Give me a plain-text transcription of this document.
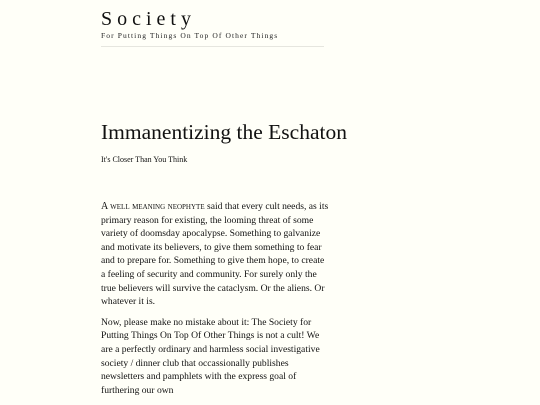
Society
For Putting Things On Top Of Other Things
Immanentizing the Eschaton

It's Closer Than You Think

A well meaning neophyte said that every cult needs, as its primary reason for existing, the looming threat of some variety of doomsday apocalypse. Something to galvanize and motivate its believers, to give them something to fear and to prepare for. Something to give them hope, to create a feeling of security and community. For surely only the true believers will survive the cataclysm. Or the aliens. Or whatever it is.

Now, please make no mistake about it: The Society for Putting Things On Top Of Other Things is not a cult! We are a perfectly ordinary and harmless social investigative society / dinner club that occassionally publishes newsletters and pamphlets with the express goal of furthering our own
